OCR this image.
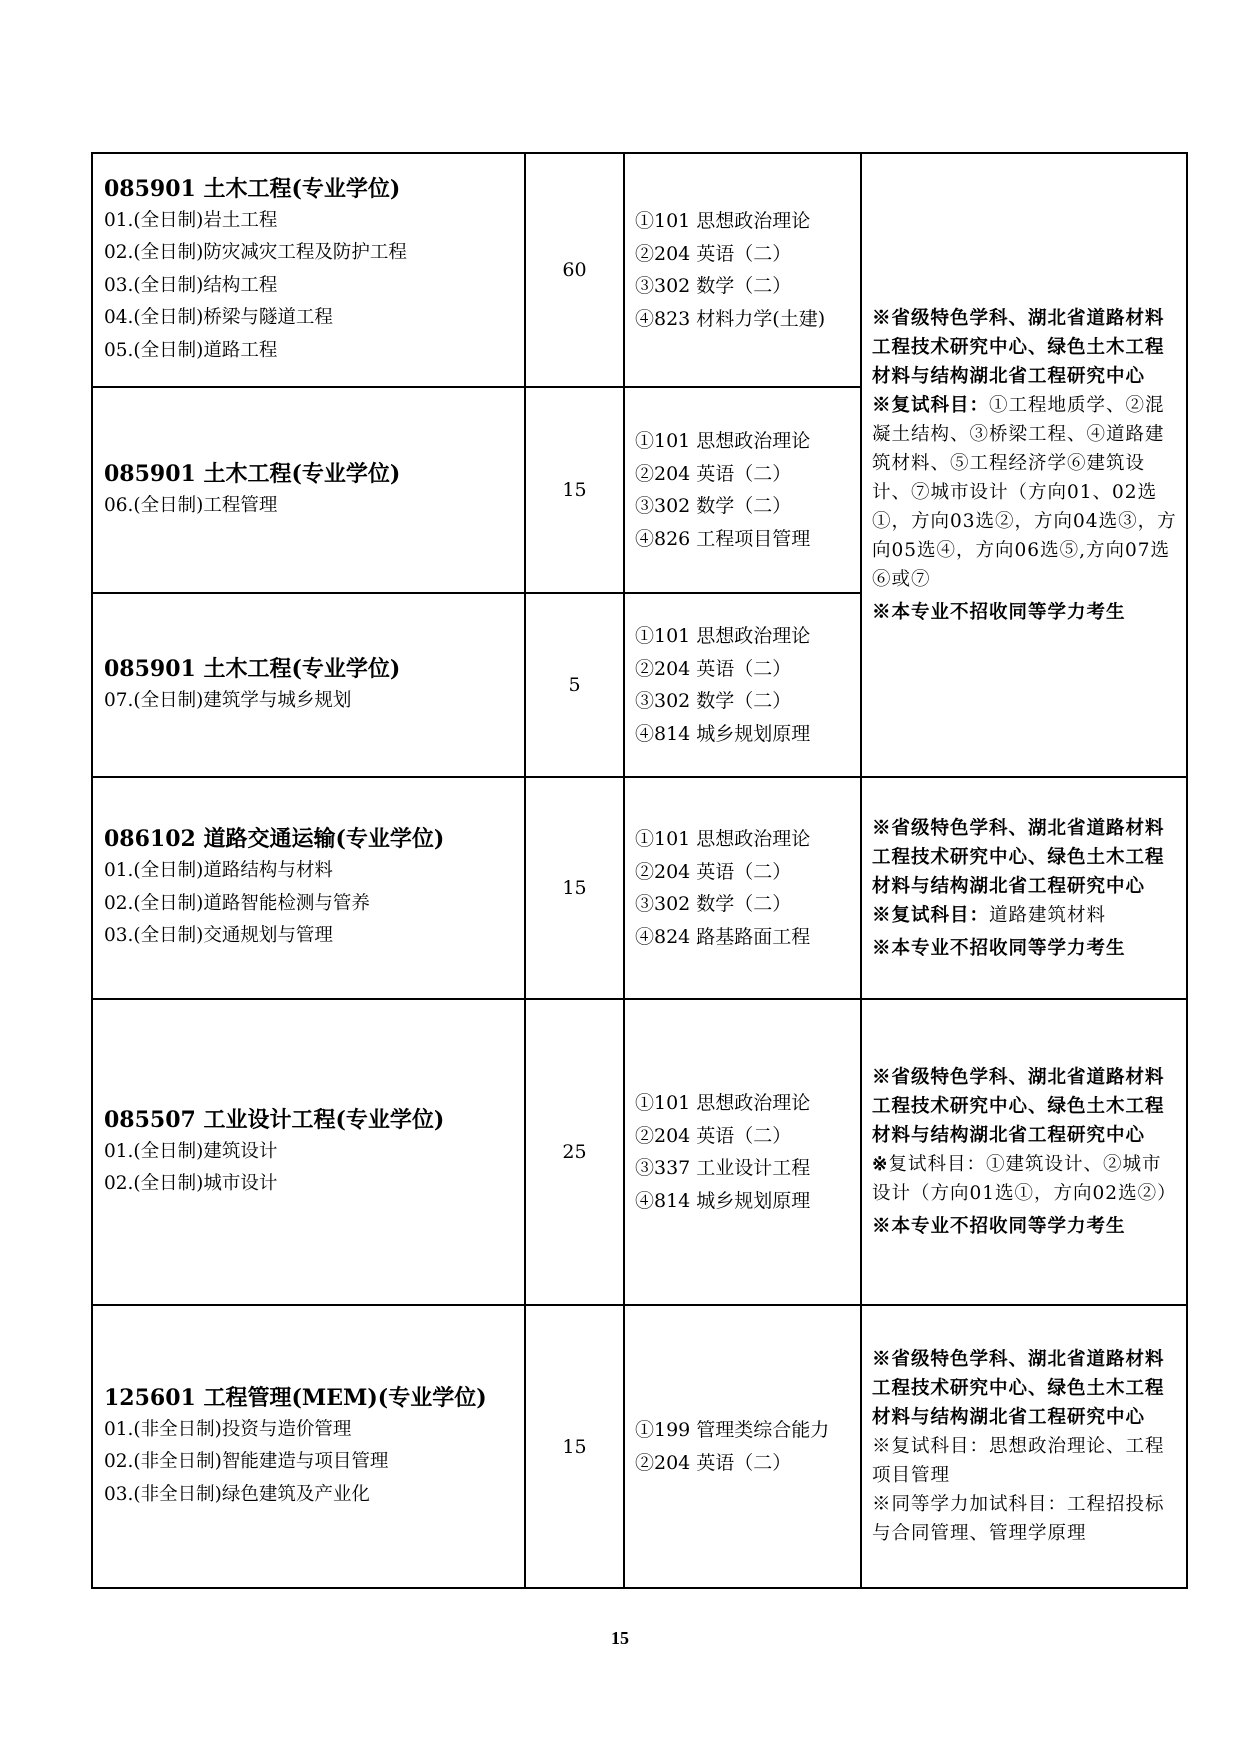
085901 土木工程(专业学位)
01.(全日制)岩土工程
02.(全日制)防灾减灾工程及防护工程
03.(全日制)结构工程
04.(全日制)桥梁与隧道工程
05.(全日制)道路工程
60
①101 思想政治理论
②204 英语（二）
③302 数学（二）
④823 材料力学(土建)
085901 土木工程(专业学位)
06.(全日制)工程管理
15
①101 思想政治理论
②204 英语（二）
③302 数学（二）
④826 工程项目管理
085901 土木工程(专业学位)
07.(全日制)建筑学与城乡规划
5
①101 思想政治理论
②204 英语（二）
③302 数学（二）
④814 城乡规划原理
※省级特色学科、湖北省道路材料工程技术研究中心、绿色土木工程材料与结构湖北省工程研究中心
※复试科目：①工程地质学、②混凝土结构、③桥梁工程、④道路建筑材料、⑤工程经济学⑥建筑设计、⑦城市设计（方向01、02选①，方向03选②，方向04选③，方向05选④，方向06选⑤,方向07选⑥或⑦
※本专业不招收同等学力考生
086102 道路交通运输(专业学位)
01.(全日制)道路结构与材料
02.(全日制)道路智能检测与管养
03.(全日制)交通规划与管理
15
①101 思想政治理论
②204 英语（二）
③302 数学（二）
④824 路基路面工程
※省级特色学科、湖北省道路材料工程技术研究中心、绿色土木工程材料与结构湖北省工程研究中心
※复试科目：道路建筑材料
※本专业不招收同等学力考生
085507 工业设计工程(专业学位)
01.(全日制)建筑设计
02.(全日制)城市设计
25
①101 思想政治理论
②204 英语（二）
③337 工业设计工程
④814 城乡规划原理
※省级特色学科、湖北省道路材料工程技术研究中心、绿色土木工程材料与结构湖北省工程研究中心
※复试科目：①建筑设计、②城市设计（方向01选①，方向02选②）
※本专业不招收同等学力考生
125601 工程管理(MEM)(专业学位)
01.(非全日制)投资与造价管理
02.(非全日制)智能建造与项目管理
03.(非全日制)绿色建筑及产业化
15
①199 管理类综合能力
②204 英语（二）
※省级特色学科、湖北省道路材料工程技术研究中心、绿色土木工程材料与结构湖北省工程研究中心
※复试科目：思想政治理论、工程项目管理
※同等学力加试科目：工程招投标与合同管理、管理学原理
15
